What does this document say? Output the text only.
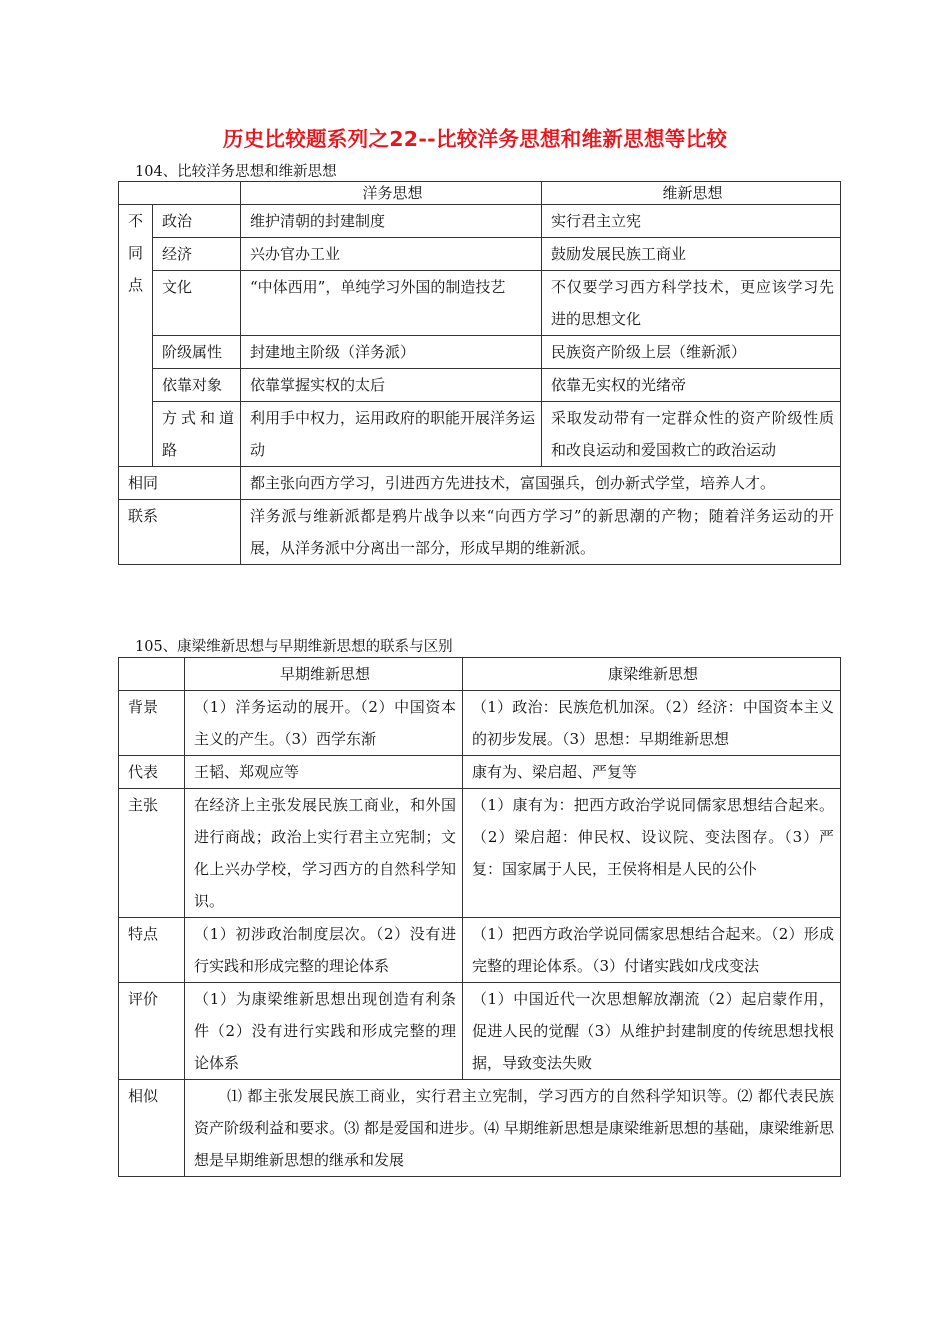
历史比较题系列之22--比较洋务思想和维新思想等比较
104、比较洋务思想和维新思想
		洋务思想	维新思想

不
同
点	政治	维护清朝的封建制度	实行君主立宪
	经济	兴办官办工业	鼓励发展民族工商业
	文化	“中体西用”，单纯学习外国的制造技艺	不仅要学习西方科学技术，更应该学习先进的思想文化
	阶级属性	封建地主阶级（洋务派）	民族资产阶级上层（维新派）
	依靠对象	依靠掌握实权的太后	依靠无实权的光绪帝
	方式和道路	利用手中权力，运用政府的职能开展洋务运动	采取发动带有一定群众性的资产阶级性质和改良运动和爱国救亡的政治运动
相同		都主张向西方学习，引进西方先进技术，富国强兵，创办新式学堂，培养人才。	
联系		洋务派与维新派都是鸦片战争以来“向西方学习”的新思潮的产物；随着洋务运动的开展，从洋务派中分离出一部分，形成早期的维新派。	
105、康梁维新思想与早期维新思想的联系与区别
	早期维新思想	康梁维新思想
背景	（1）洋务运动的展开。（2）中国资本主义的产生。（3）西学东渐	（1）政治：民族危机加深。（2）经济：中国资本主义的初步发展。（3）思想：早期维新思想
代表	王韬、郑观应等	康有为、梁启超、严复等
主张	在经济上主张发展民族工商业，和外国进行商战；政治上实行君主立宪制；文化上兴办学校，学习西方的自然科学知识。	（1）康有为：把西方政治学说同儒家思想结合起来。（2）梁启超：伸民权、设议院、变法图存。（3）严复：国家属于人民，王侯将相是人民的公仆
特点	（1）初涉政治制度层次。（2）没有进行实践和形成完整的理论体系	（1）把西方政治学说同儒家思想结合起来。（2）形成完整的理论体系。（3）付诸实践如戊戌变法
评价	（1）为康梁维新思想出现创造有利条件（2）没有进行实践和形成完整的理论体系	（1）中国近代一次思想解放潮流（2）起启蒙作用，促进人民的觉醒（3）从维护封建制度的传统思想找根据，导致变法失败
相似	⑴ 都主张发展民族工商业，实行君主立宪制，学习西方的自然科学知识等。⑵ 都代表民族资产阶级利益和要求。⑶ 都是爱国和进步。⑷ 早期维新思想是康梁维新思想的基础，康梁维新思想是早期维新思想的继承和发展	
